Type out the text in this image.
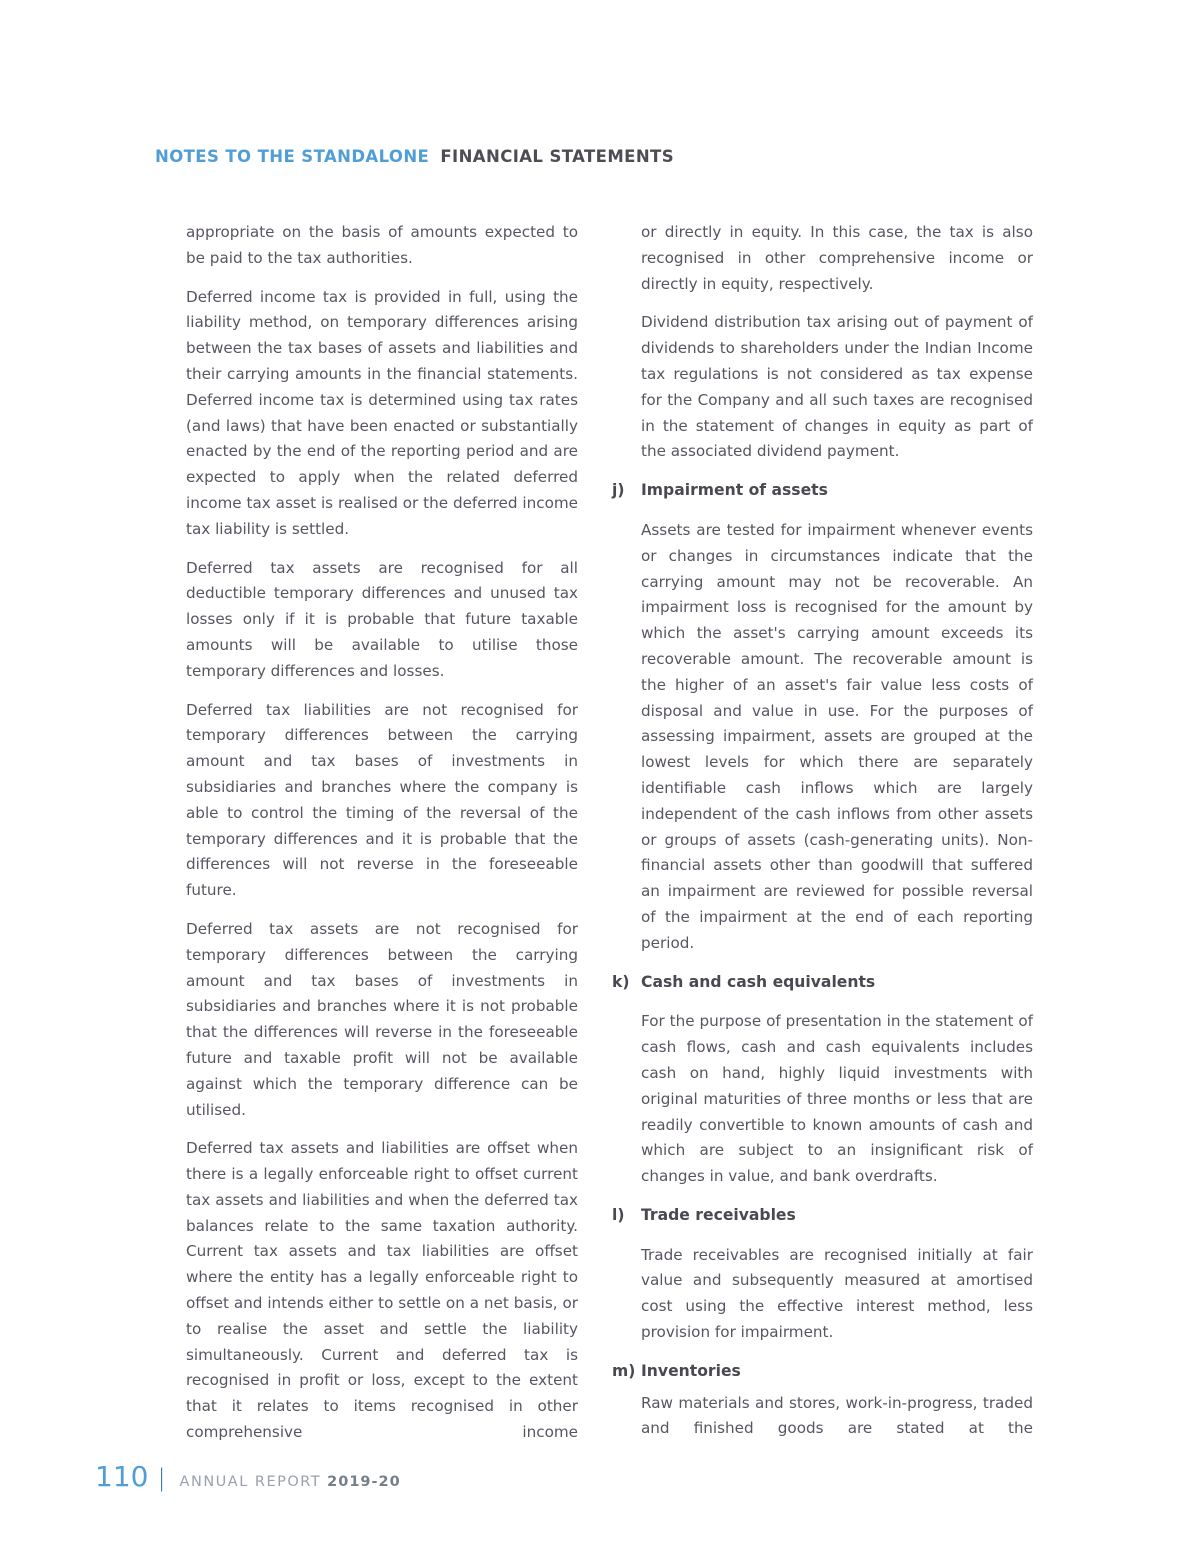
NOTES TO THE STANDALONE FINANCIAL STATEMENTS

appropriate on the basis of amounts expected to be paid to the tax authorities.

Deferred income tax is provided in full, using the liability method, on temporary differences arising between the tax bases of assets and liabilities and their carrying amounts in the financial statements. Deferred income tax is determined using tax rates (and laws) that have been enacted or substantially enacted by the end of the reporting period and are expected to apply when the related deferred income tax asset is realised or the deferred income tax liability is settled.

Deferred tax assets are recognised for all deductible temporary differences and unused tax losses only if it is probable that future taxable amounts will be available to utilise those temporary differences and losses.

Deferred tax liabilities are not recognised for temporary differences between the carrying amount and tax bases of investments in subsidiaries and branches where the company is able to control the timing of the reversal of the temporary differences and it is probable that the differences will not reverse in the foreseeable future.

Deferred tax assets are not recognised for temporary differences between the carrying amount and tax bases of investments in subsidiaries and branches where it is not probable that the differences will reverse in the foreseeable future and taxable profit will not be available against which the temporary difference can be utilised.

Deferred tax assets and liabilities are offset when there is a legally enforceable right to offset current tax assets and liabilities and when the deferred tax balances relate to the same taxation authority. Current tax assets and tax liabilities are offset where the entity has a legally enforceable right to offset and intends either to settle on a net basis, or to realise the asset and settle the liability simultaneously. Current and deferred tax is recognised in profit or loss, except to the extent that it relates to items recognised in other comprehensive income

or directly in equity. In this case, the tax is also recognised in other comprehensive income or directly in equity, respectively.

Dividend distribution tax arising out of payment of dividends to shareholders under the Indian Income tax regulations is not considered as tax expense for the Company and all such taxes are recognised in the statement of changes in equity as part of the associated dividend payment.

j)	Impairment of assets

Assets are tested for impairment whenever events or changes in circumstances indicate that the carrying amount may not be recoverable. An impairment loss is recognised for the amount by which the asset's carrying amount exceeds its recoverable amount. The recoverable amount is the higher of an asset's fair value less costs of disposal and value in use. For the purposes of assessing impairment, assets are grouped at the lowest levels for which there are separately identifiable cash inflows which are largely independent of the cash inflows from other assets or groups of assets (cash-generating units). Non-financial assets other than goodwill that suffered an impairment are reviewed for possible reversal of the impairment at the end of each reporting period.

k) Cash and cash equivalents

For the purpose of presentation in the statement of cash flows, cash and cash equivalents includes cash on hand, highly liquid investments with original maturities of three months or less that are readily convertible to known amounts of cash and which are subject to an insignificant risk of changes in value, and bank overdrafts.

l)	Trade receivables

Trade receivables are recognised initially at fair value and subsequently measured at amortised cost using the effective interest method, less provision for impairment.

m) Inventories

Raw materials and stores, work-in-progress, traded and finished goods are stated at the

110 | ANNUAL REPORT 2019-20
